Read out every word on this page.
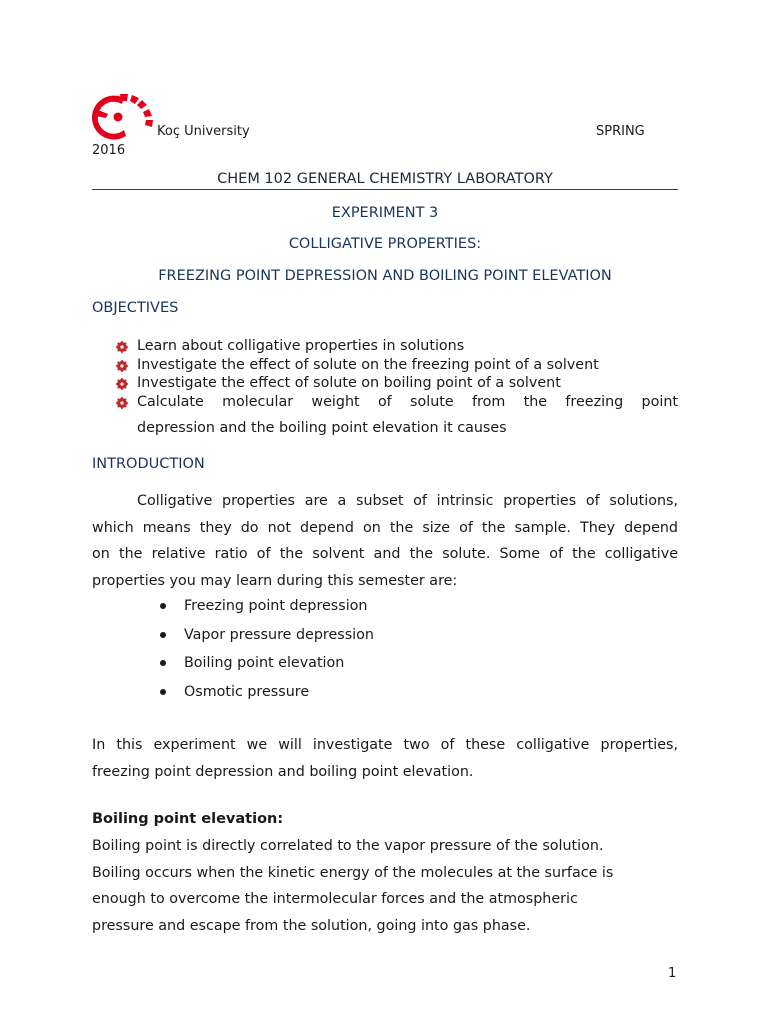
Koç University	SPRING
2016
CHEM 102 GENERAL CHEMISTRY LABORATORY
EXPERIMENT 3
COLLIGATIVE PROPERTIES:
FREEZING POINT DEPRESSION AND BOILING POINT ELEVATION
OBJECTIVES
Learn about colligative properties in solutions
Investigate the effect of solute on the freezing point of a solvent
Investigate the effect of solute on boiling point of a solvent
Calculate molecular weight of solute from the freezing point
depression and the boiling point elevation it causes
INTRODUCTION
Colligative properties are a subset of intrinsic properties of solutions,
which means they do not depend on the size of the sample. They depend
on the relative ratio of the solvent and the solute. Some of the colligative
properties you may learn during this semester are:
Freezing point depression
Vapor pressure depression
Boiling point elevation
Osmotic pressure
In this experiment we will investigate two of these colligative properties,
freezing point depression and boiling point elevation.
Boiling point elevation:
Boiling point is directly correlated to the vapor pressure of the solution.
Boiling occurs when the kinetic energy of the molecules at the surface is
enough to overcome the intermolecular forces and the atmospheric
pressure and escape from the solution, going into gas phase.
1
